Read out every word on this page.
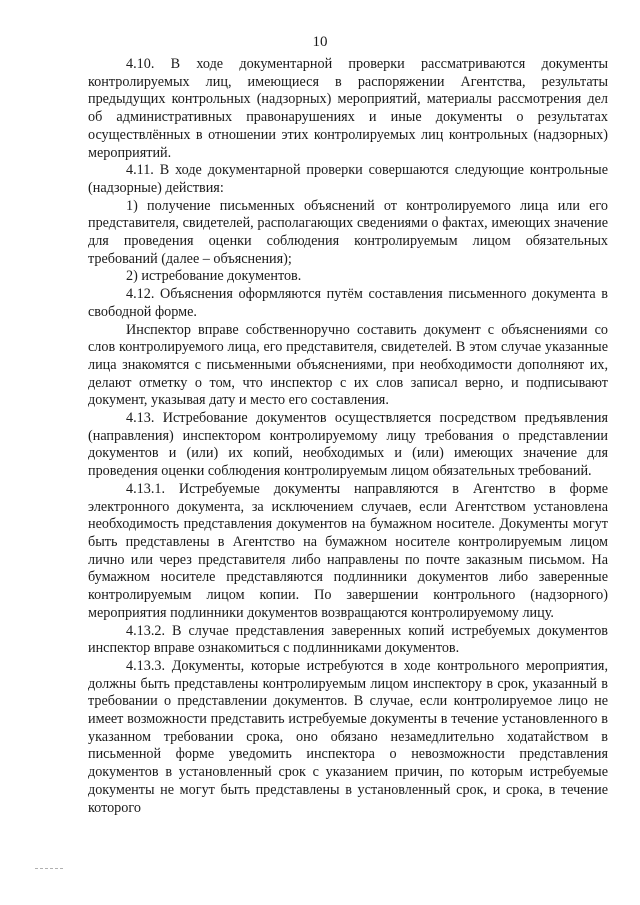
10

4.10. В ходе документарной проверки рассматриваются документы контролируемых лиц, имеющиеся в распоряжении Агентства, результаты предыдущих контрольных (надзорных) мероприятий, материалы рассмотрения дел об административных правонарушениях и иные документы о результатах осуществлённых в отношении этих контролируемых лиц контрольных (надзорных) мероприятий.

4.11. В ходе документарной проверки совершаются следующие контрольные (надзорные) действия:

1) получение письменных объяснений от контролируемого лица или его представителя, свидетелей, располагающих сведениями о фактах, имеющих значение для проведения оценки соблюдения контролируемым лицом обязательных требований (далее – объяснения);

2) истребование документов.

4.12. Объяснения оформляются путём составления письменного документа в свободной форме.

Инспектор вправе собственноручно составить документ с объяснениями со слов контролируемого лица, его представителя, свидетелей. В этом случае указанные лица знакомятся с письменными объяснениями, при необходимости дополняют их, делают отметку о том, что инспектор с их слов записал верно, и подписывают документ, указывая дату и место его составления.

4.13. Истребование документов осуществляется посредством предъявления (направления) инспектором контролируемому лицу требования о представлении документов и (или) их копий, необходимых и (или) имеющих значение для проведения оценки соблюдения контролируемым лицом обязательных требований.

4.13.1. Истребуемые документы направляются в Агентство в форме электронного документа, за исключением случаев, если Агентством установлена необходимость представления документов на бумажном носителе. Документы могут быть представлены в Агентство на бумажном носителе контролируемым лицом лично или через представителя либо направлены по почте заказным письмом. На бумажном носителе представляются подлинники документов либо заверенные контролируемым лицом копии. По завершении контрольного (надзорного) мероприятия подлинники документов возвращаются контролируемому лицу.

4.13.2. В случае представления заверенных копий истребуемых документов инспектор вправе ознакомиться с подлинниками документов.

4.13.3. Документы, которые истребуются в ходе контрольного мероприятия, должны быть представлены контролируемым лицом инспектору в срок, указанный в требовании о представлении документов. В случае, если контролируемое лицо не имеет возможности представить истребуемые документы в течение установленного в указанном требовании срока, оно обязано незамедлительно ходатайством в письменной форме уведомить инспектора о невозможности представления документов в установленный срок с указанием причин, по которым истребуемые документы не могут быть представлены в установленный срок, и срока, в течение которого
